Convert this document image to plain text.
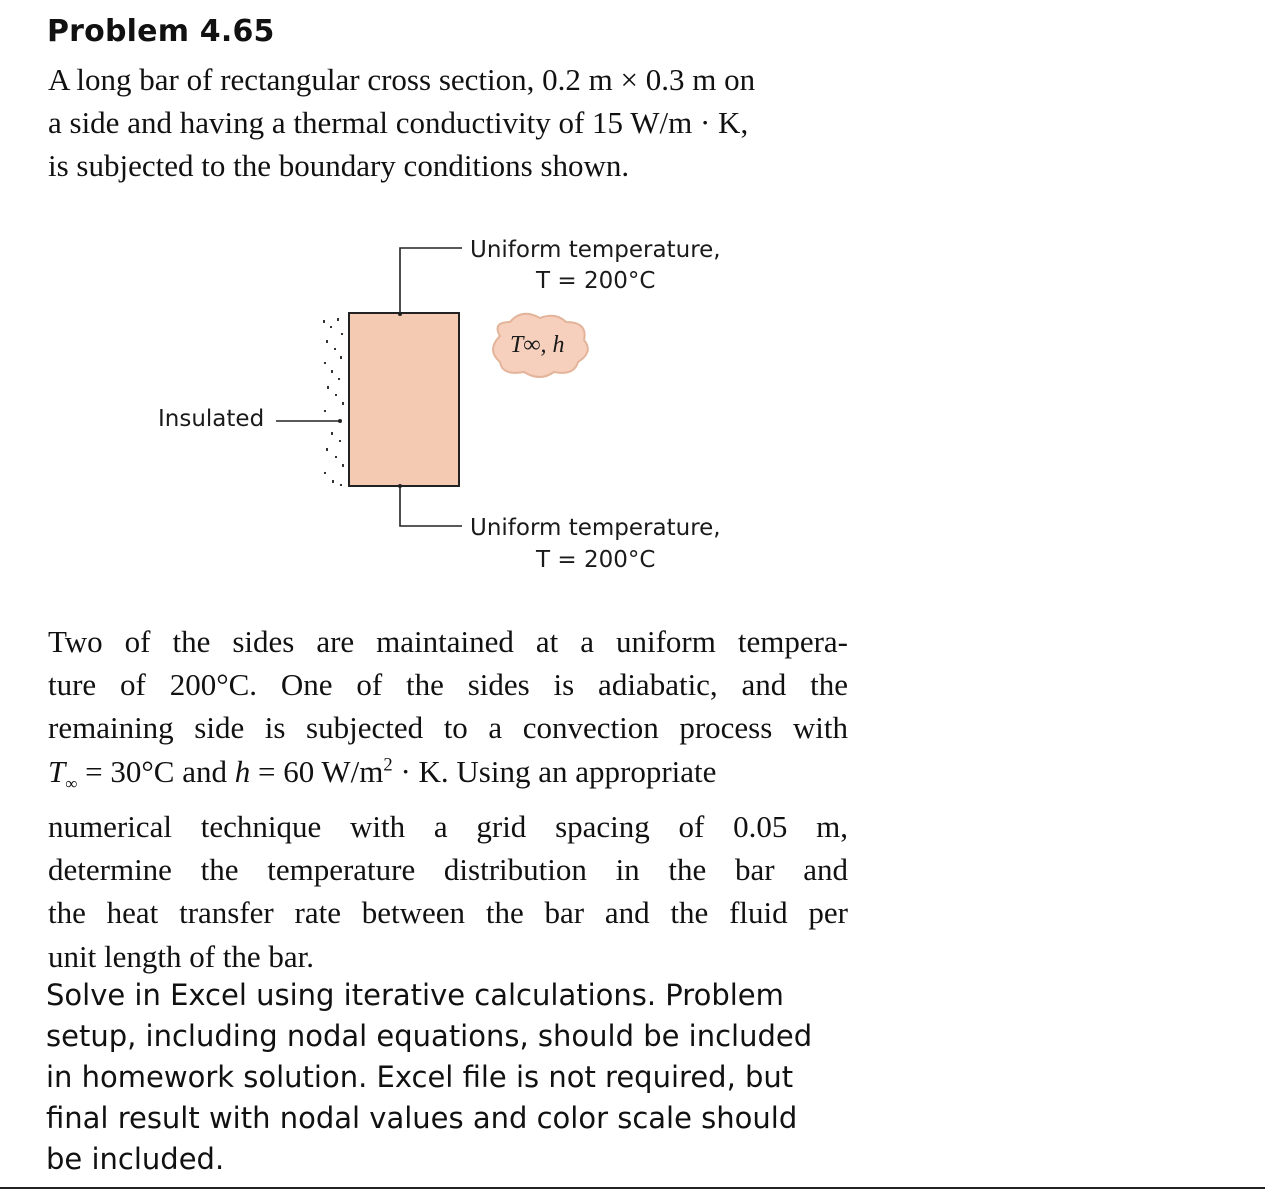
Problem 4.65
A long bar of rectangular cross section, 0.2 m × 0.3 m on
a side and having a thermal conductivity of 15 W/m · K,
is subjected to the boundary conditions shown.
Uniform temperature,
T = 200°C
Uniform temperature,
T = 200°C
Insulated
T∞, h
Two of the sides are maintained at a uniform tempera-
ture of 200°C. One of the sides is adiabatic, and the
remaining side is subjected to a convection process with
$T_\infty = 30^\circ C$ and h = 60 $W/m^2 \cdot K$. Using an appropriate
numerical technique with a grid spacing of 0.05 m,
determine the temperature distribution in the bar and
the heat transfer rate between the bar and the fluid per
unit length of the bar.
Solve in Excel using iterative calculations. Problem
setup, including nodal equations, should be included
in homework solution. Excel file is not required, but
final result with nodal values and color scale should
be included.
